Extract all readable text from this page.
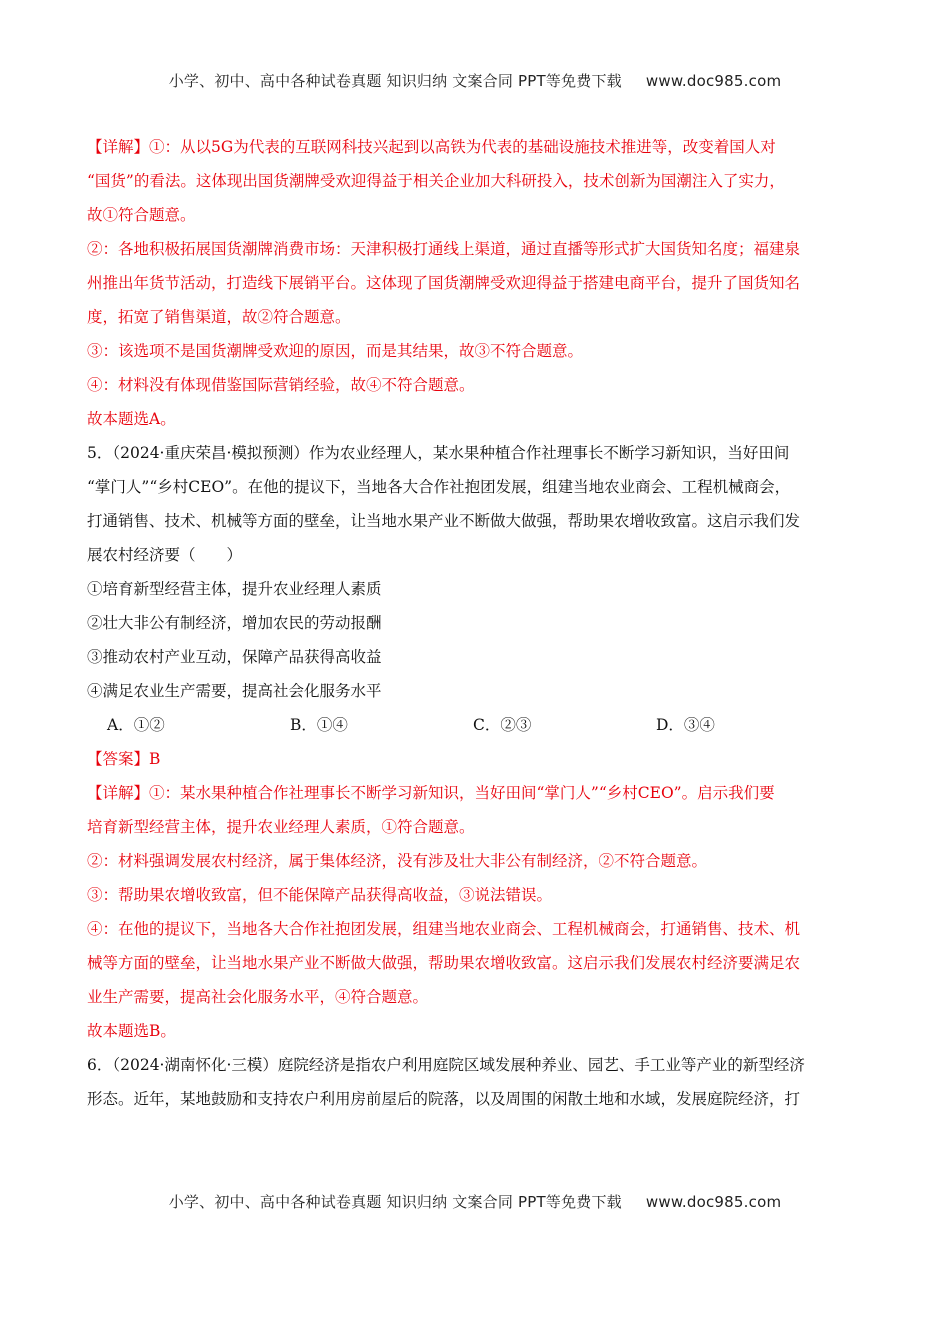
小学、初中、高中各种试卷真题 知识归纳 文案合同 PPT等免费下载 www.doc985.com
【详解】①：从以5G为代表的互联网科技兴起到以高铁为代表的基础设施技术推进等，改变着国人对
“国货”的看法。这体现出国货潮牌受欢迎得益于相关企业加大科研投入，技术创新为国潮注入了实力，
故①符合题意。
②：各地积极拓展国货潮牌消费市场：天津积极打通线上渠道，通过直播等形式扩大国货知名度；福建泉
州推出年货节活动，打造线下展销平台。这体现了国货潮牌受欢迎得益于搭建电商平台，提升了国货知名
度，拓宽了销售渠道，故②符合题意。
③：该选项不是国货潮牌受欢迎的原因，而是其结果，故③不符合题意。
④：材料没有体现借鉴国际营销经验，故④不符合题意。
故本题选A。
5．（2024·重庆荣昌·模拟预测）作为农业经理人，某水果种植合作社理事长不断学习新知识，当好田间
“掌门人”“乡村CEO”。在他的提议下，当地各大合作社抱团发展，组建当地农业商会、工程机械商会，
打通销售、技术、机械等方面的壁垒，让当地水果产业不断做大做强，帮助果农增收致富。这启示我们发
展农村经济要（　　）
①培育新型经营主体，提升农业经理人素质
②壮大非公有制经济，增加农民的劳动报酬
③推动农村产业互动，保障产品获得高收益
④满足农业生产需要，提高社会化服务水平
A．①②	B．①④	C．②③	D．③④
【答案】B
【详解】①：某水果种植合作社理事长不断学习新知识，当好田间“掌门人”“乡村CEO”。启示我们要
培育新型经营主体，提升农业经理人素质，①符合题意。
②：材料强调发展农村经济，属于集体经济，没有涉及壮大非公有制经济，②不符合题意。
③：帮助果农增收致富，但不能保障产品获得高收益，③说法错误。
④：在他的提议下，当地各大合作社抱团发展，组建当地农业商会、工程机械商会，打通销售、技术、机
械等方面的壁垒，让当地水果产业不断做大做强，帮助果农增收致富。这启示我们发展农村经济要满足农
业生产需要，提高社会化服务水平，④符合题意。
故本题选B。
6．（2024·湖南怀化·三模）庭院经济是指农户利用庭院区域发展种养业、园艺、手工业等产业的新型经济
形态。近年，某地鼓励和支持农户利用房前屋后的院落，以及周围的闲散土地和水域，发展庭院经济，打
小学、初中、高中各种试卷真题 知识归纳 文案合同 PPT等免费下载 www.doc985.com
